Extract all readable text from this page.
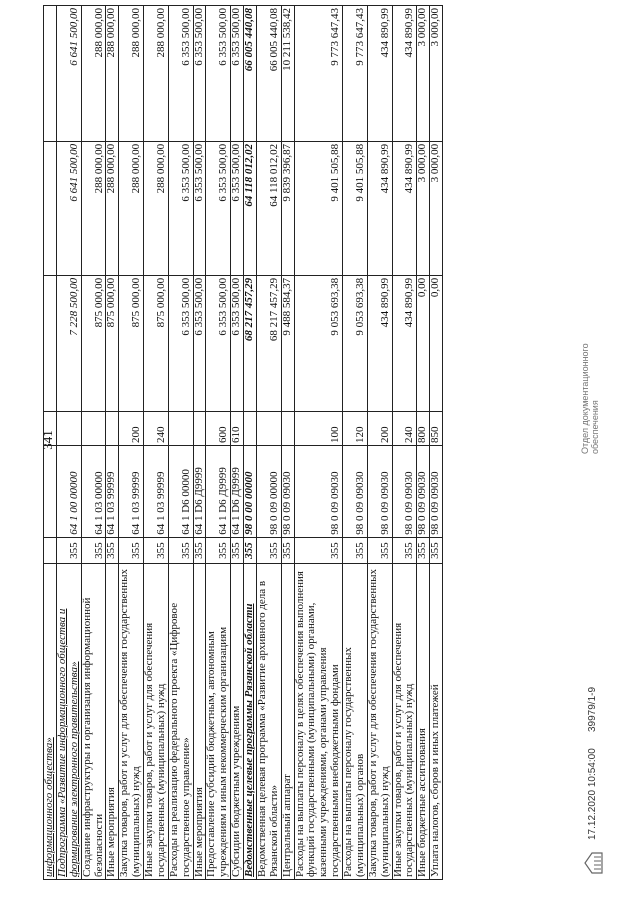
341
информационного общества»						
Подпрограмма «Развитие информационного общества и формирование электронного правительства»	355	64 1 00 00000		7 228 500,00	6 641 500,00	6 641 500,00
Создание инфраструктуры и организация информационной безопасности	355	64 1 03 00000		875 000,00	288 000,00	288 000,00
Иные мероприятия	355	64 1 03 99999		875 000,00	288 000,00	288 000,00
Закупка товаров, работ и услуг для обеспечения государственных (муниципальных) нужд	355	64 1 03 99999	200	875 000,00	288 000,00	288 000,00
Иные закупки товаров, работ и услуг для обеспечения государственных (муниципальных) нужд	355	64 1 03 99999	240	875 000,00	288 000,00	288 000,00
Расходы на реализацию федерального проекта «Цифровое государственное управление»	355	64 1 D6 00000		6 353 500,00	6 353 500,00	6 353 500,00
Иные мероприятия	355	64 1 D6 Д9999		6 353 500,00	6 353 500,00	6 353 500,00
Предоставление субсидий бюджетным, автономным учреждениям и иным некоммерческим организациям	355	64 1 D6 Д9999	600	6 353 500,00	6 353 500,00	6 353 500,00
Субсидии бюджетным учреждениям	355	64 1 D6 Д9999	610	6 353 500,00	6 353 500,00	6 353 500,00
Ведомственные целевые программы Рязанской области	355	98 0 00 00000		68 217 457,29	64 118 012,02	66 005 440,08
Ведомственная целевая программа «Развитие архивного дела в Рязанской области»	355	98 0 09 00000		68 217 457,29	64 118 012,02	66 005 440,08
Центральный аппарат	355	98 0 09 09030		9 488 584,37	9 839 396,87	10 211 538,42
Расходы на выплаты персоналу в целях обеспечения выполнения функций государственными (муниципальными) органами, казенными учреждениями, органами управления государственными внебюджетными фондами	355	98 0 09 09030	100	9 053 693,38	9 401 505,88	9 773 647,43
Расходы на выплаты персоналу государственных (муниципальных) органов	355	98 0 09 09030	120	9 053 693,38	9 401 505,88	9 773 647,43
Закупка товаров, работ и услуг для обеспечения государственных (муниципальных) нужд	355	98 0 09 09030	200	434 890,99	434 890,99	434 890,99
Иные закупки товаров, работ и услуг для обеспечения государственных (муниципальных) нужд	355	98 0 09 09030	240	434 890,99	434 890,99	434 890,99
Иные бюджетные ассигнования	355	98 0 09 09030	800	0,00	3 000,00	3 000,00
Уплата налогов, сборов и иных платежей	355	98 0 09 09030	850	0,00	3 000,00	3 000,00
17.12.2020 10:54:00
39979/1-9
Отдел документационного обеспечения
